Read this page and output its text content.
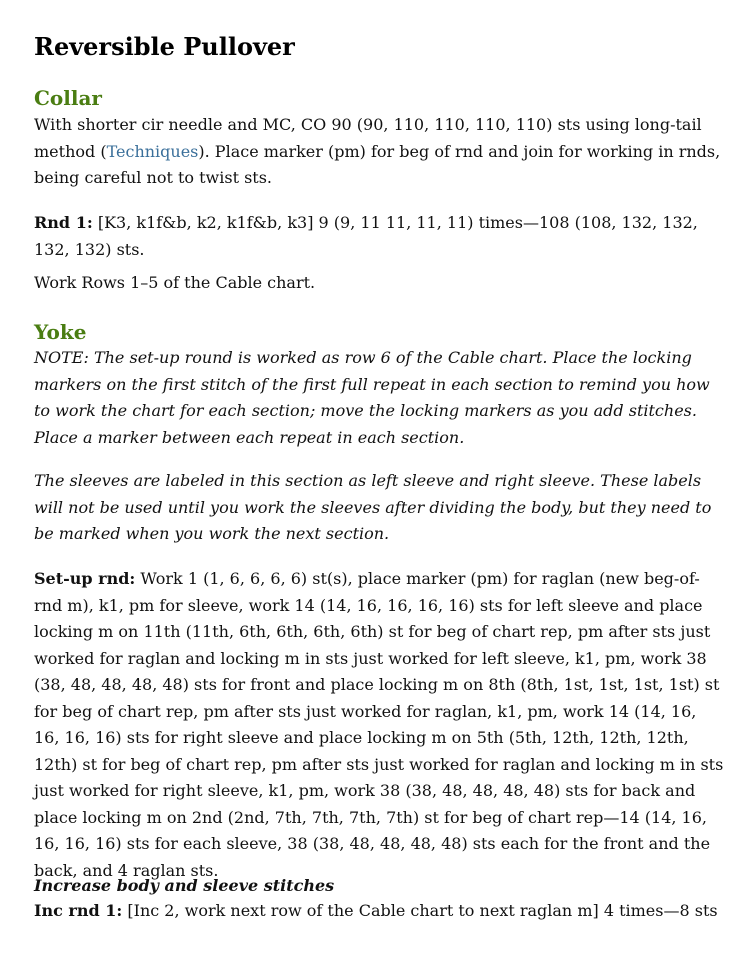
Reversible Pullover
Collar

With shorter cir needle and MC, CO 90 (90, 110, 110, 110, 110) sts using long-tail method (Techniques). Place marker (pm) for beg of rnd and join for working in rnds, being careful not to twist sts.

Rnd 1: [K3, k1f&b, k2, k1f&b, k3] 9 (9, 11 11, 11, 11) times—108 (108, 132, 132, 132, 132) sts.

Work Rows 1–5 of the Cable chart.

Yoke

NOTE: The set-up round is worked as row 6 of the Cable chart. Place the locking markers on the first stitch of the first full repeat in each section to remind you how to work the chart for each section; move the locking markers as you add stitches. Place a marker between each repeat in each section.

The sleeves are labeled in this section as left sleeve and right sleeve. These labels will not be used until you work the sleeves after dividing the body, but they need to be marked when you work the next section.

Set-up rnd: Work 1 (1, 6, 6, 6, 6) st(s), place marker (pm) for raglan (new beg-of-rnd m), k1, pm for sleeve, work 14 (14, 16, 16, 16, 16) sts for left sleeve and place locking m on 11th (11th, 6th, 6th, 6th, 6th) st for beg of chart rep, pm after sts just worked for raglan and locking m in sts just worked for left sleeve, k1, pm, work 38 (38, 48, 48, 48, 48) sts for front and place locking m on 8th (8th, 1st, 1st, 1st, 1st) st for beg of chart rep, pm after sts just worked for raglan, k1, pm, work 14 (14, 16, 16, 16, 16) sts for right sleeve and place locking m on 5th (5th, 12th, 12th, 12th, 12th) st for beg of chart rep, pm after sts just worked for raglan and locking m in sts just worked for right sleeve, k1, pm, work 38 (38, 48, 48, 48, 48) sts for back and place locking m on 2nd (2nd, 7th, 7th, 7th, 7th) st for beg of chart rep—14 (14, 16, 16, 16, 16) sts for each sleeve, 38 (38, 48, 48, 48, 48) sts each for the front and the back, and 4 raglan sts.

Increase body and sleeve stitches

Inc rnd 1: [Inc 2, work next row of the Cable chart to next raglan m] 4 times—8 sts
